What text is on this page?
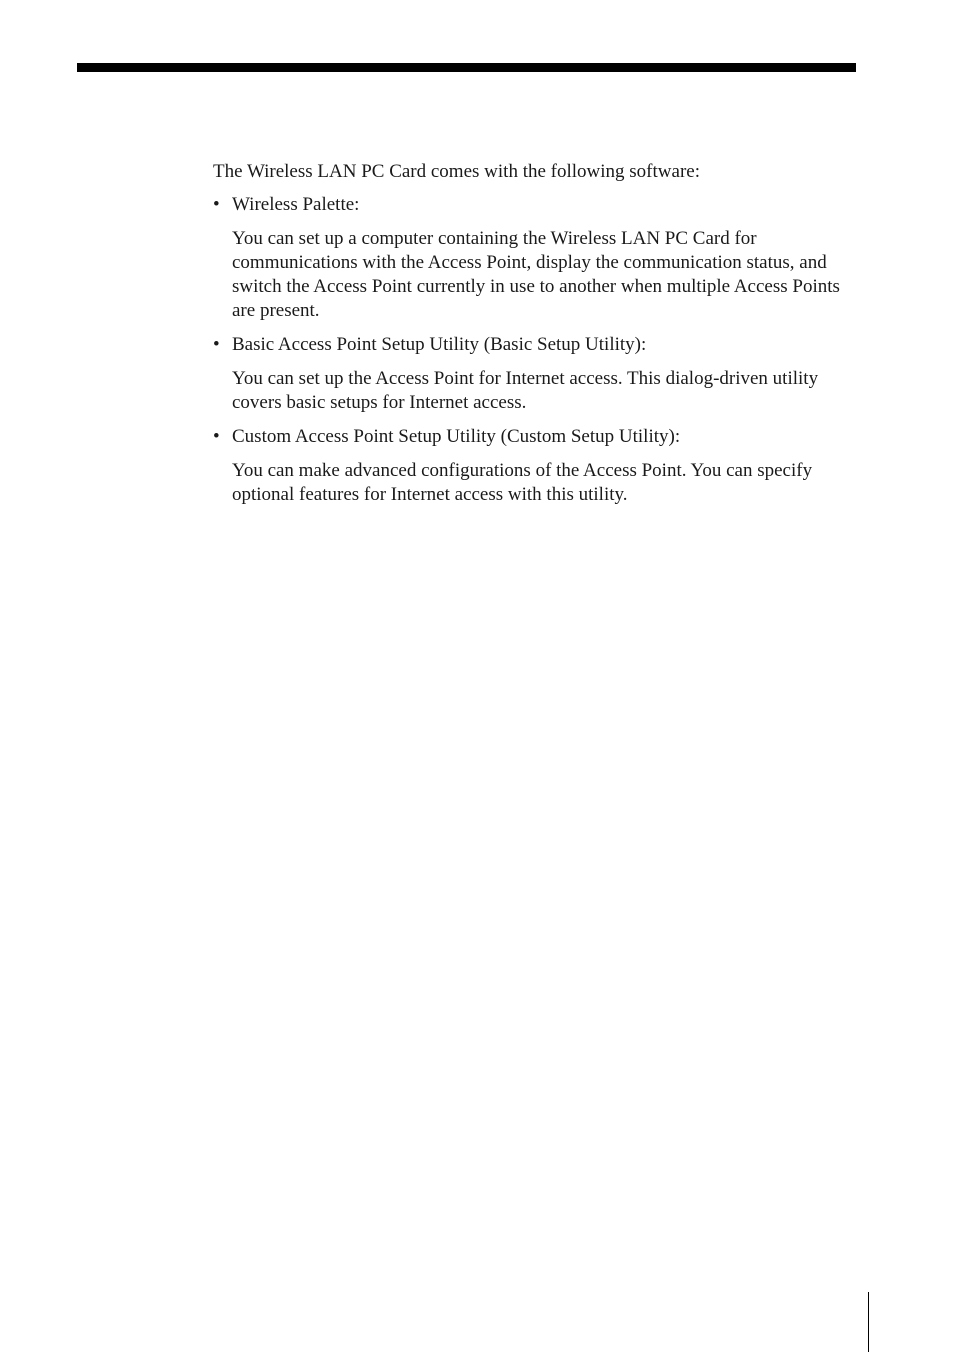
The Wireless LAN PC Card comes with the following software:

• Wireless Palette:

You can set up a computer containing the Wireless LAN PC Card for communications with the Access Point, display the communication status, and switch the Access Point currently in use to another when multiple Access Points are present.

• Basic Access Point Setup Utility (Basic Setup Utility):

You can set up the Access Point for Internet access. This dialog-driven utility covers basic setups for Internet access.

• Custom Access Point Setup Utility (Custom Setup Utility):

You can make advanced configurations of the Access Point. You can specify optional features for Internet access with this utility.
